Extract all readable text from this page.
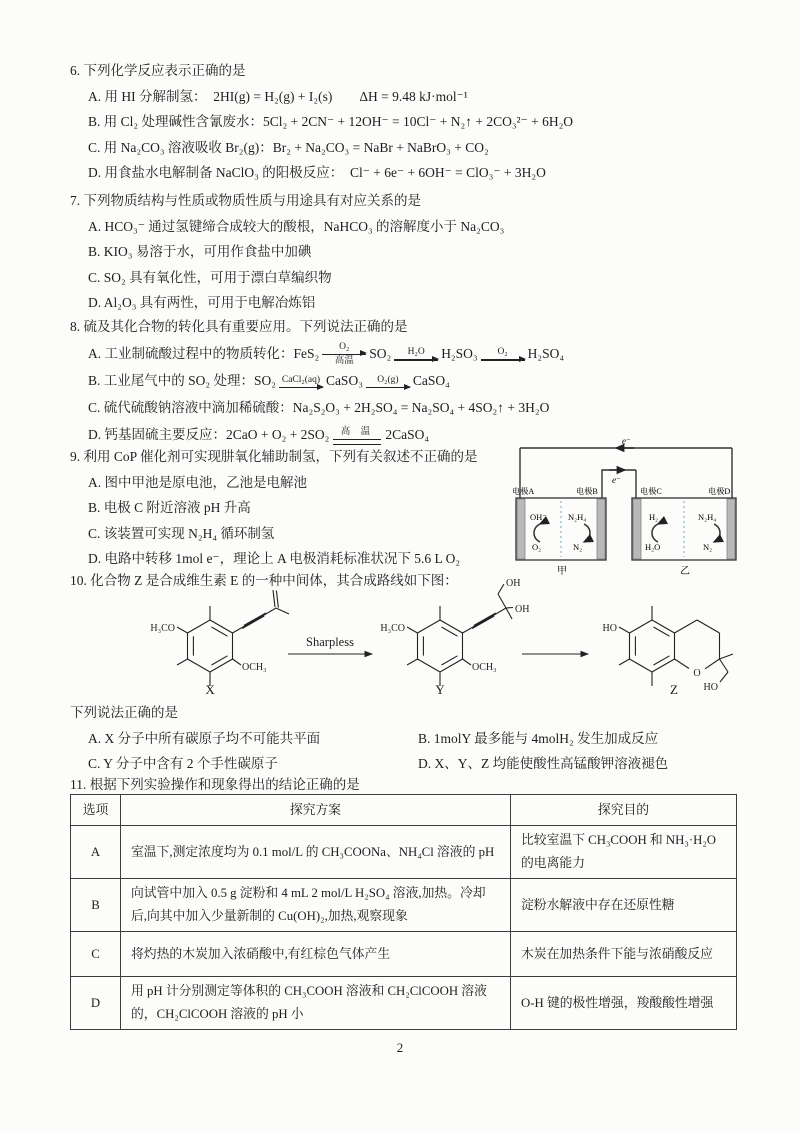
6. 下列化学反应表示正确的是
A. 用 HI 分解制氢：　2HI(g) = H₂(g) + I₂(s)　　ΔH = 9.48 kJ·mol⁻¹
B. 用 Cl₂ 处理碱性含氰废水：5Cl₂ + 2CN⁻ + 12OH⁻ = 10Cl⁻ + N₂↑ + 2CO₃²⁻ + 6H₂O
C. 用 Na₂CO₃ 溶液吸收 Br₂(g)：Br₂ + Na₂CO₃ = NaBr + NaBrO₃ + CO₂
D. 用食盐水电解制备 NaClO₃ 的阳极反应：　Cl⁻ + 6e⁻ + 6OH⁻ = ClO₃⁻ + 3H₂O
7. 下列物质结构与性质或物质性质与用途具有对应关系的是
A. HCO₃⁻ 通过氢键缔合成较大的酸根，NaHCO₃ 的溶解度小于 Na₂CO₃
B. KIO₃ 易溶于水，可用作食盐中加碘
C. SO₂ 具有氧化性，可用于漂白草编织物
D. Al₂O₃ 具有两性，可用于电解冶炼铝
8. 硫及其化合物的转化具有重要应用。下列说法正确的是
A. 工业制硫酸过程中的物质转化：FeS₂ O₂
高温
SO₂ H₂O H₂SO₃ O₂ H₂SO₄
B. 工业尾气中的 SO₂ 处理：SO₂ CaCl₂(aq) CaSO₃ O₂(g) CaSO₄
C. 硫代硫酸钠溶液中滴加稀硫酸：Na₂S₂O₃ + 2H₂SO₄ = Na₂SO₄ + 4SO₂↑ + 3H₂O
D. 钙基固硫主要反应：2CaO + O₂ + 2SO₂ 高 温 2CaSO₄
9. 利用 CoP 催化剂可实现肼氧化辅助制氢，下列有关叙述不正确的是
A. 图中甲池是原电池，乙池是电解池
B. 电极 C 附近溶液 pH 升高
C. 该装置可实现 N₂H₄ 循环制氢
D. 电路中转移 1mol e⁻，理论上 A 电极消耗标准状况下 5.6 L O₂
e⁻
e⁻
电极A	电极B	电极C	电极D
OH⁻
O₂
N₂H₄
N₂
甲
H₂
H₂O
N₂H₄
N₂
乙
10. 化合物 Z 是合成维生素 E 的一种中间体，其合成路线如下图：
H₃CO
OCH₃
X
Sharpless
H₃CO
OCH₃
OH
OH
Y
HO
O
HO
Z
下列说法正确的是
A. X 分子中所有碳原子均不可能共平面	B. 1molY 最多能与 4molH₂ 发生加成反应
C. Y 分子中含有 2 个手性碳原子	D. X、Y、Z 均能使酸性高锰酸钾溶液褪色
11. 根据下列实验操作和现象得出的结论正确的是
选项	探究方案	探究目的
A	室温下,测定浓度均为 0.1 mol/L 的 CH₃COONa、NH₄Cl 溶液的 pH	比较室温下 CH₃COOH 和 NH₃·H₂O 的电离能力
B	向试管中加入 0.5 g 淀粉和 4 mL 2 mol/L H₂SO₄ 溶液,加热。冷却后,向其中加入少量新制的 Cu(OH)₂,加热,观察现象	淀粉水解液中存在还原性糖
C	将灼热的木炭加入浓硝酸中,有红棕色气体产生	木炭在加热条件下能与浓硝酸反应
D	用 pH 计分别测定等体积的 CH₃COOH 溶液和 CH₂ClCOOH 溶液的，CH₂ClCOOH 溶液的 pH 小	O-H 键的极性增强，羧酸酸性增强
2
